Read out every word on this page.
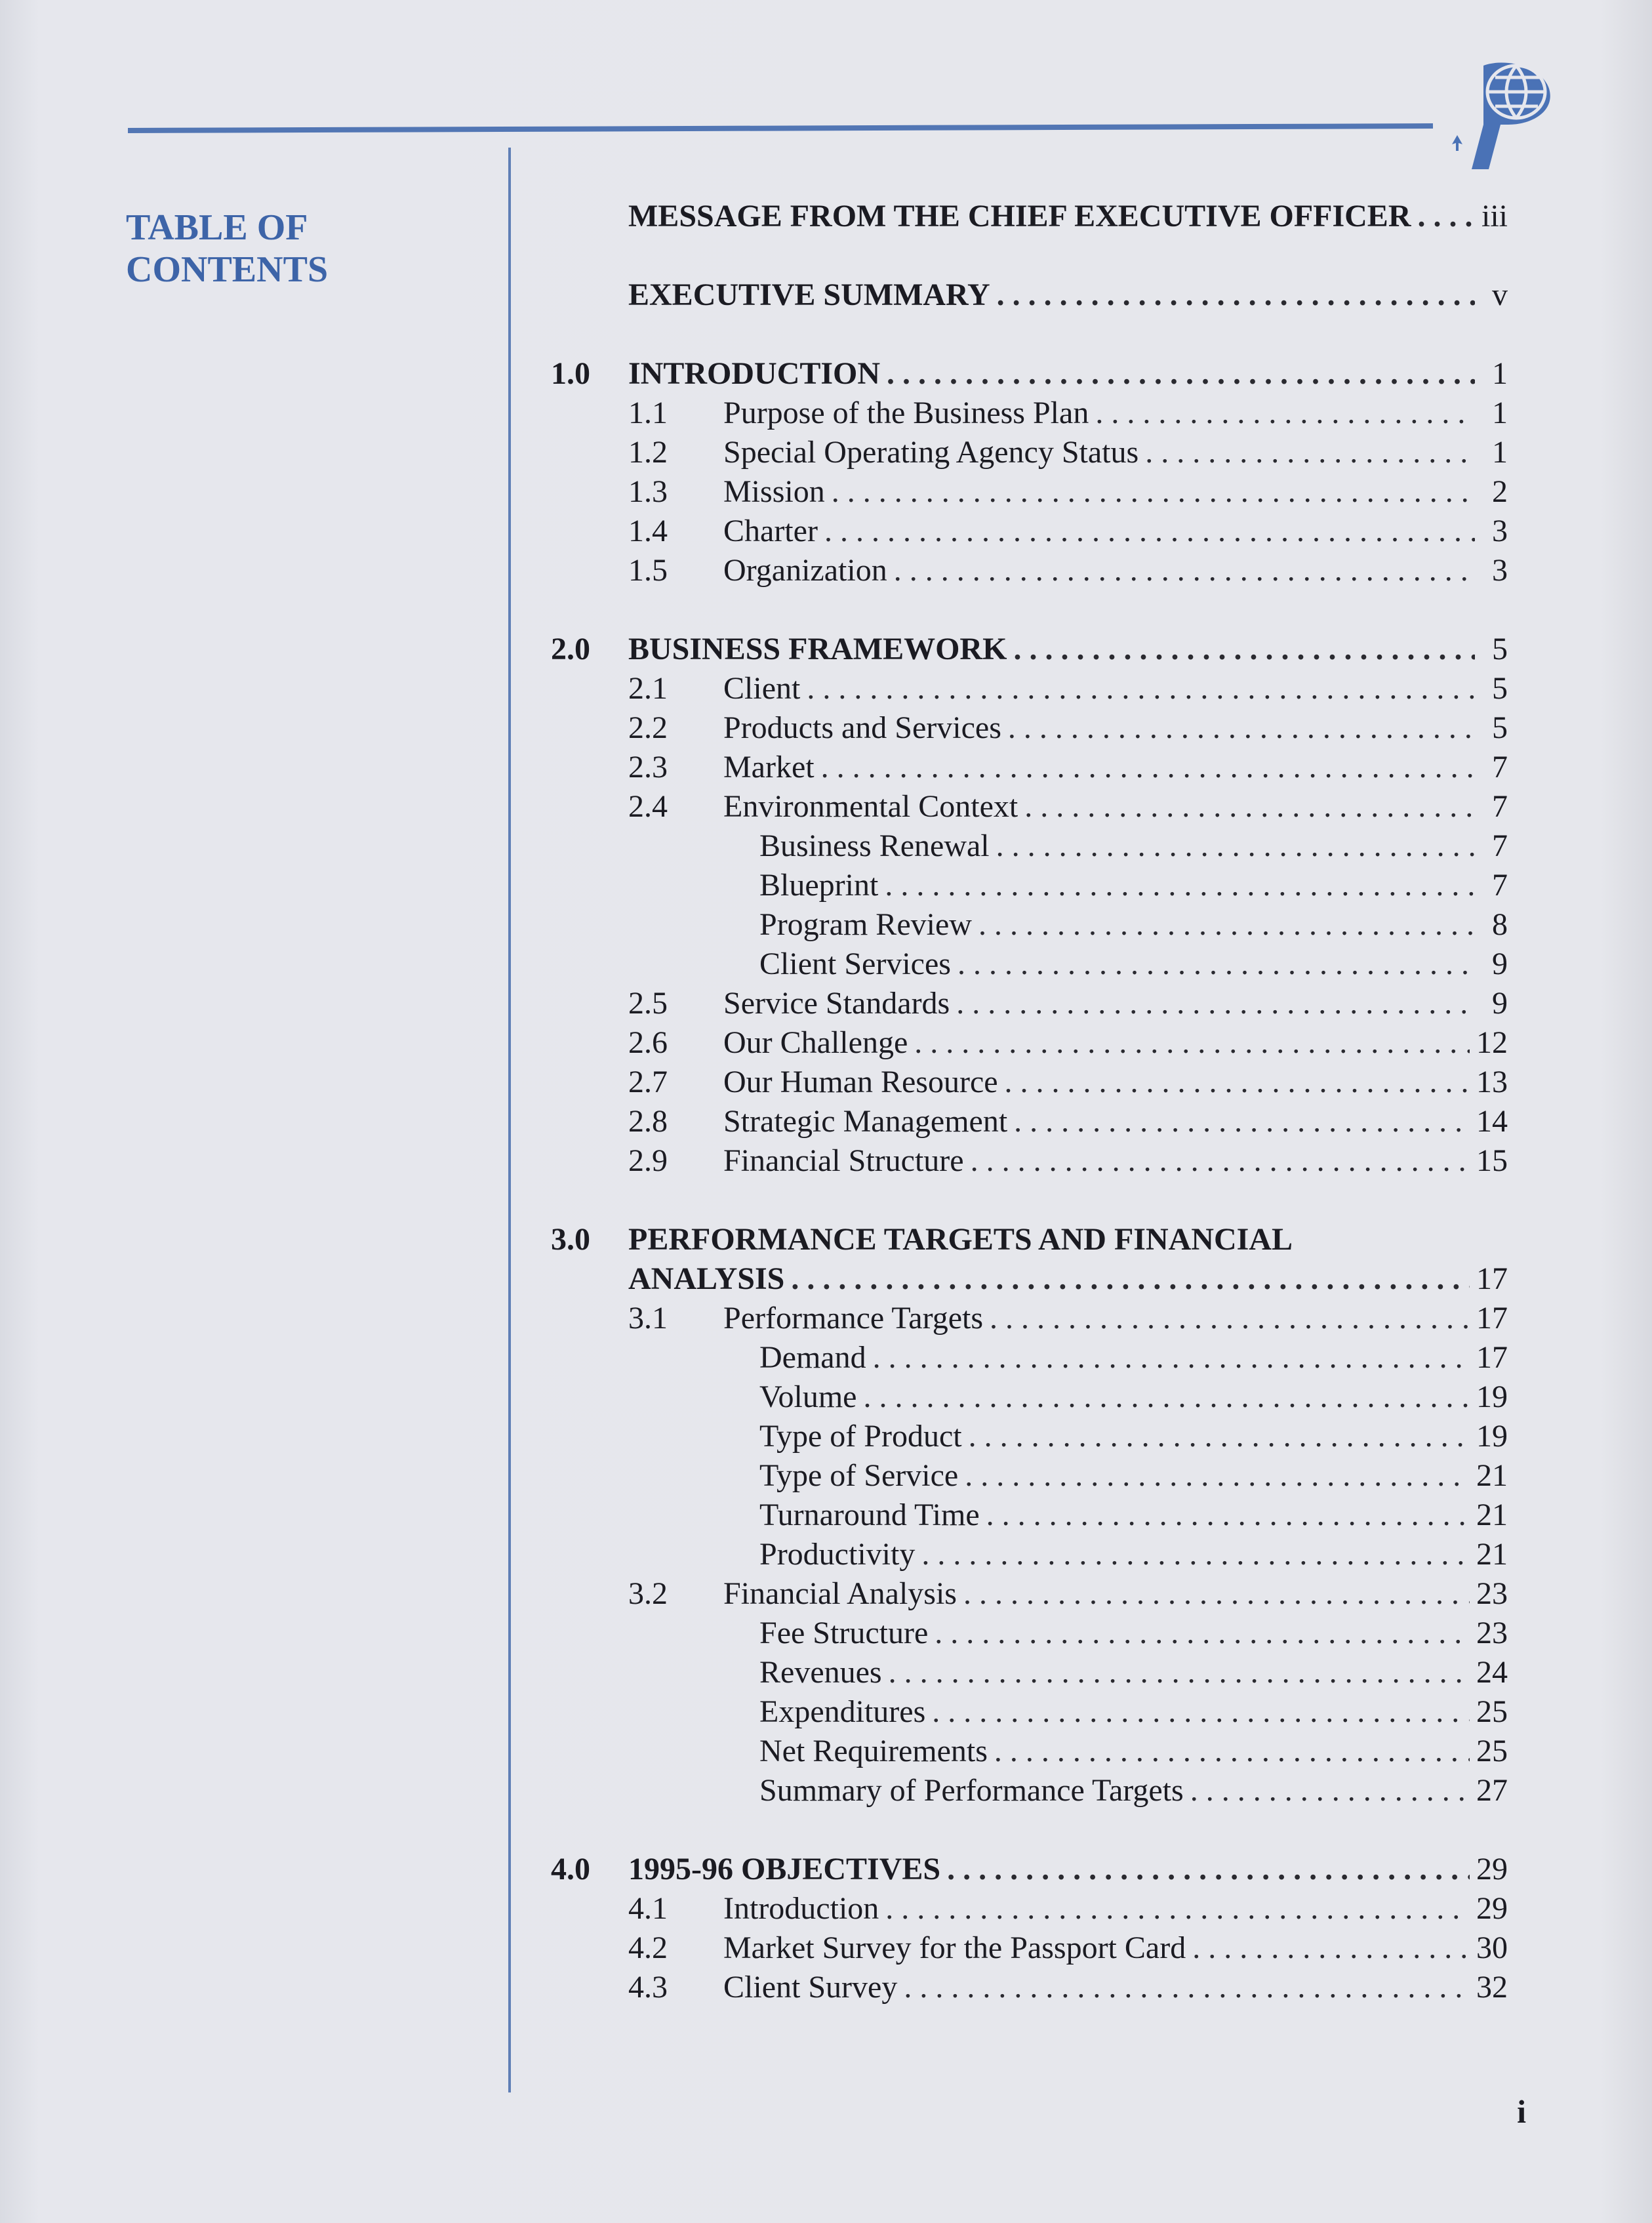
TABLE OF
CONTENTS
MESSAGE FROM THE CHIEF EXECUTIVE OFFICER . . . iii
EXECUTIVE SUMMARY . . .	v
1.0	INTRODUCTION . . .	1
1.1	Purpose of the Business Plan . . .	1
1.2	Special Operating Agency Status . . .	1
1.3	Mission . . .	2
1.4	Charter . . .	3
1.5	Organization . . .	3
2.0	BUSINESS FRAMEWORK . . .	5
2.1	Client . . .	5
2.2	Products and Services . . .	5
2.3	Market . . .	7
2.4	Environmental Context . . .	7
Business Renewal . . .	7
Blueprint . . .	7
Program Review . . .	8
Client Services . . .	9
2.5	Service Standards . . .	9
2.6	Our Challenge . . .	12
2.7	Our Human Resource . . .	13
2.8	Strategic Management . . .	14
2.9	Financial Structure . . .	15
3.0	PERFORMANCE TARGETS AND FINANCIAL
ANALYSIS . . .	17
3.1	Performance Targets . . .	17
Demand . . .	17
Volume . . .	19
Type of Product . . .	19
Type of Service . . .	21
Turnaround Time . . .	21
Productivity . . .	21
3.2	Financial Analysis . . .	23
Fee Structure . . .	23
Revenues . . .	24
Expenditures . . .	25
Net Requirements . . .	25
Summary of Performance Targets . . .	27
4.0	1995-96 OBJECTIVES . . .	29
4.1	Introduction . . .	29
4.2	Market Survey for the Passport Card . . .	30
4.3	Client Survey . . .	32
i
